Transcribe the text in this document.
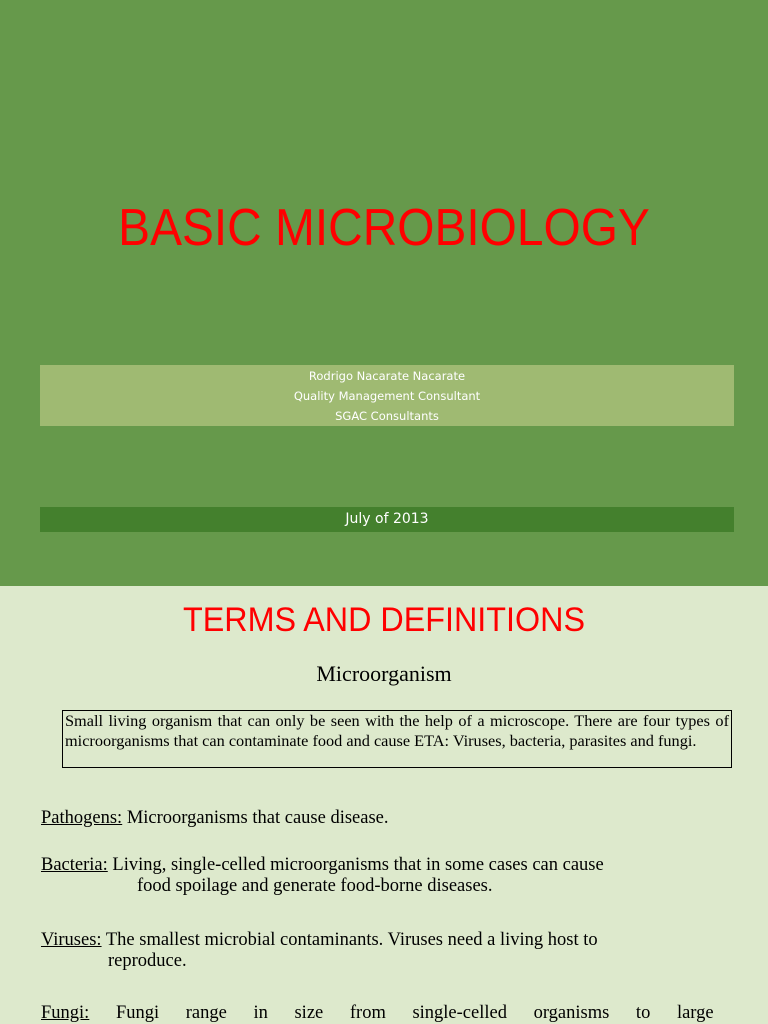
BASIC MICROBIOLOGY
Rodrigo Nacarate Nacarate
Quality Management Consultant
SGAC Consultants
July of 2013
TERMS AND DEFINITIONS
Microorganism

Small living organism that can only be seen with the help of a microscope. There are four types of microorganisms that can contaminate food and cause ETA: Viruses, bacteria, parasites and fungi.

Pathogens: Microorganisms that cause disease.
Bacteria: Living, single-celled microorganisms that in some cases can cause
food spoilage and generate food-borne diseases.
Viruses: The smallest microbial contaminants. Viruses need a living host to
reproduce.
Fungi: Fungi range in size from single-celled organisms to large
